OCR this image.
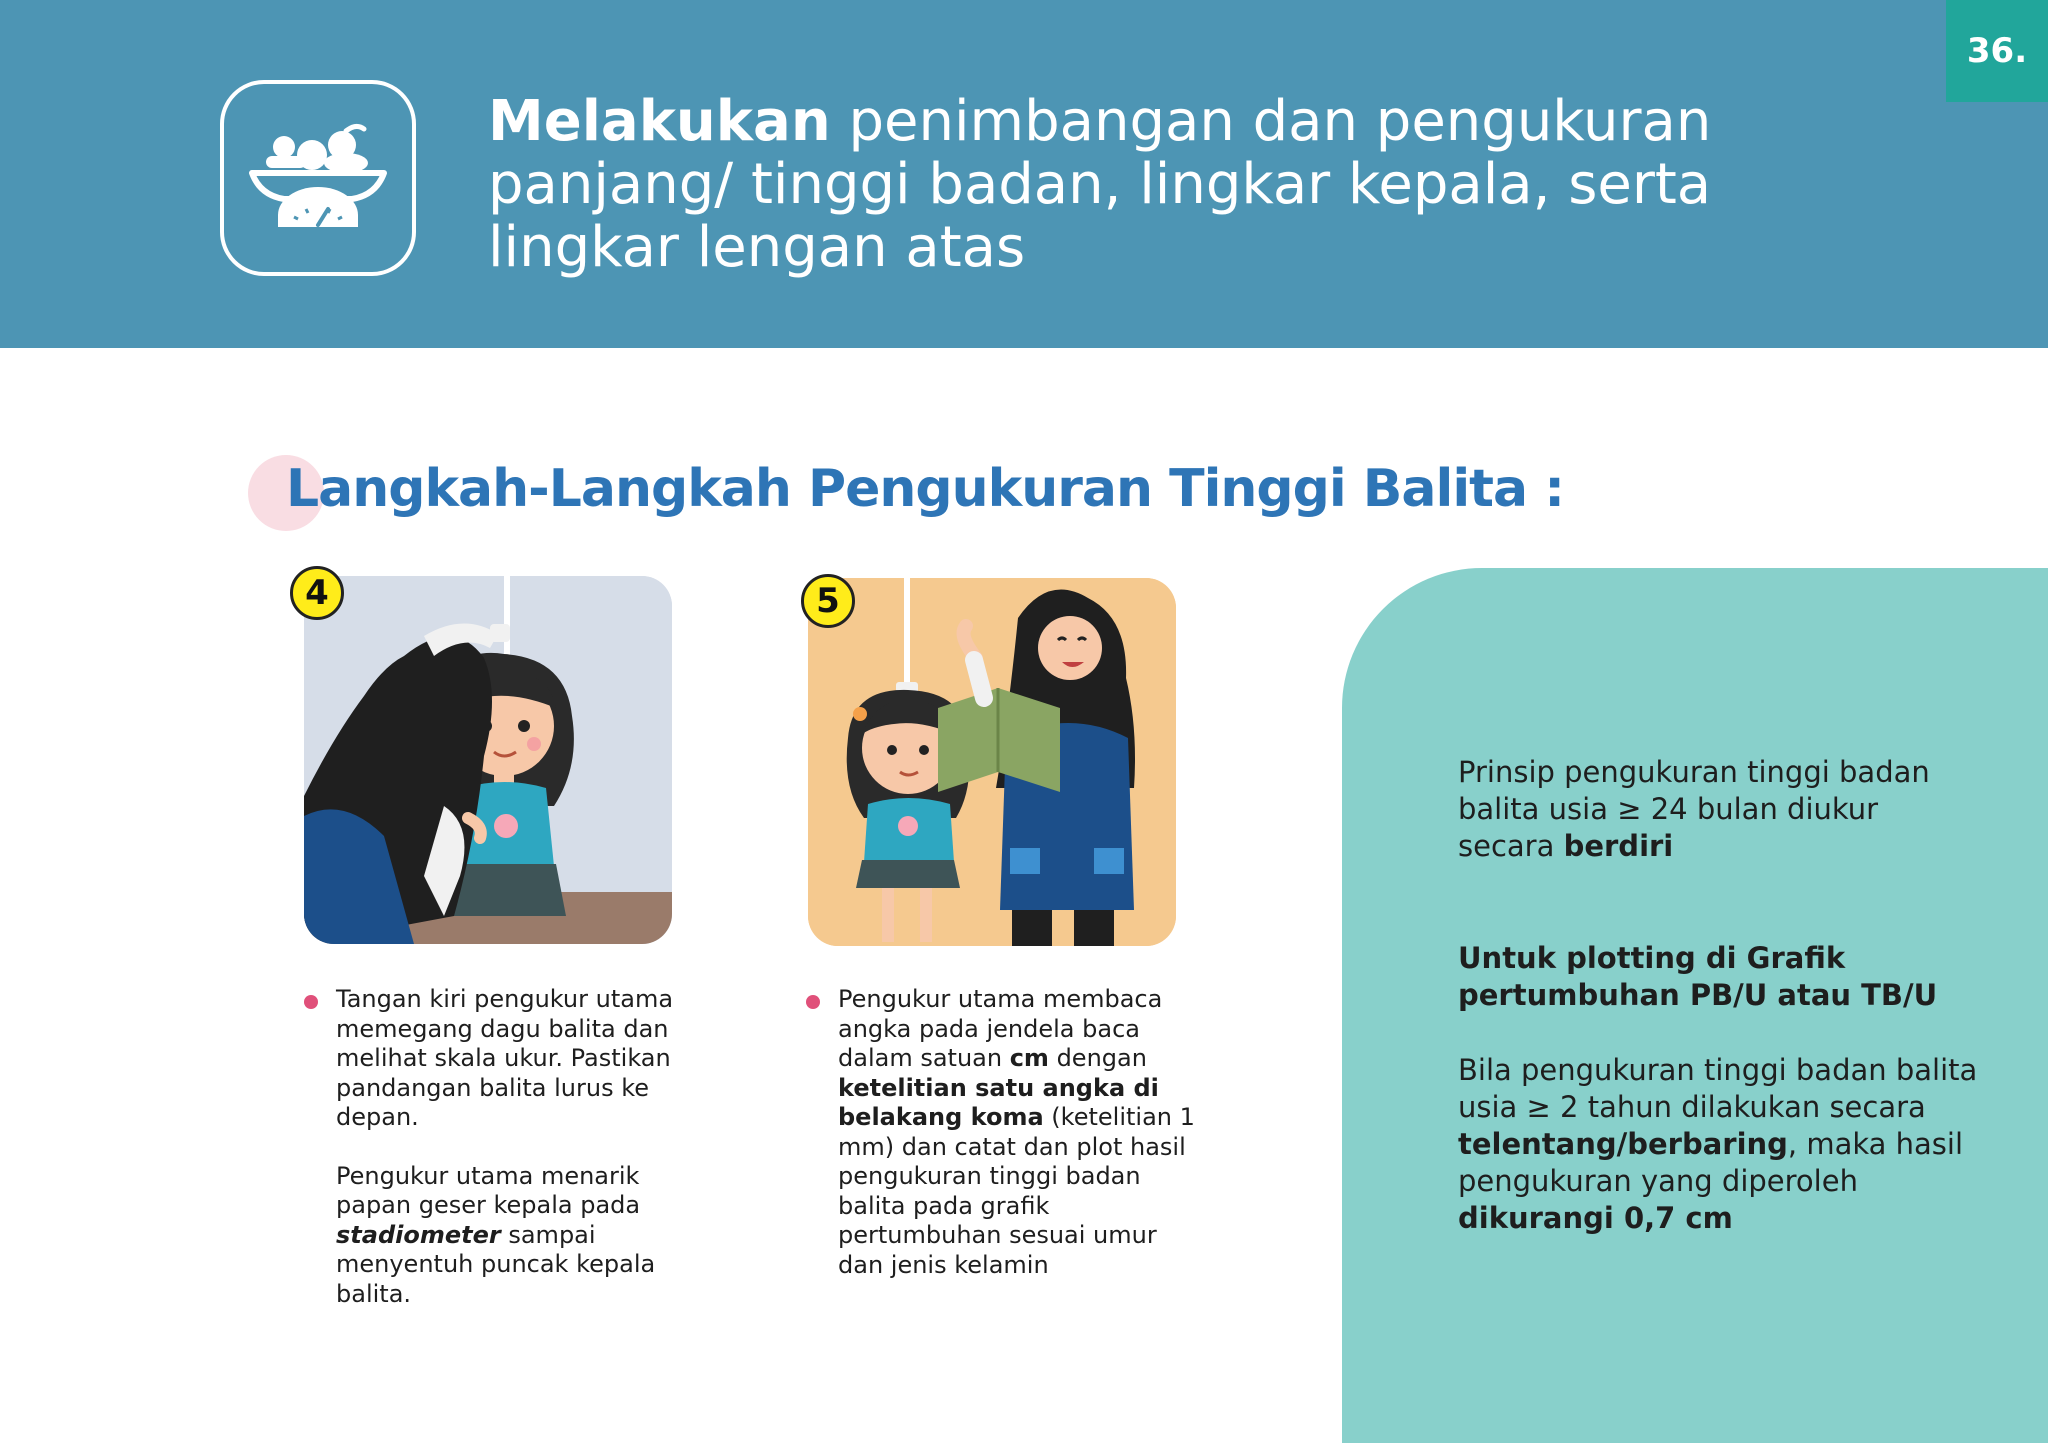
Melakukan penimbangan dan pengukuran panjang/ tinggi badan, lingkar kepala, serta lingkar lengan atas
36.
Langkah-Langkah Pengukuran Tinggi Balita :
4	5

Tangan kiri pengukur utama memegang dagu balita dan melihat skala ukur. Pastikan pandangan balita lurus ke depan.

Pengukur utama menarik papan geser kepala pada stadiometer sampai menyentuh puncak kepala balita.

Pengukur utama membaca angka pada jendela baca dalam satuan cm dengan ketelitian satu angka di belakang koma (ketelitian 1 mm) dan catat dan plot hasil pengukuran tinggi badan balita pada grafik pertumbuhan sesuai umur dan jenis kelamin

Prinsip pengukuran tinggi badan balita usia ≥ 24 bulan diukur secara berdiri

Untuk plotting di Grafik pertumbuhan PB/U atau TB/U

Bila pengukuran tinggi badan balita usia ≥ 2 tahun dilakukan secara telentang/berbaring, maka hasil pengukuran yang diperoleh dikurangi 0,7 cm
